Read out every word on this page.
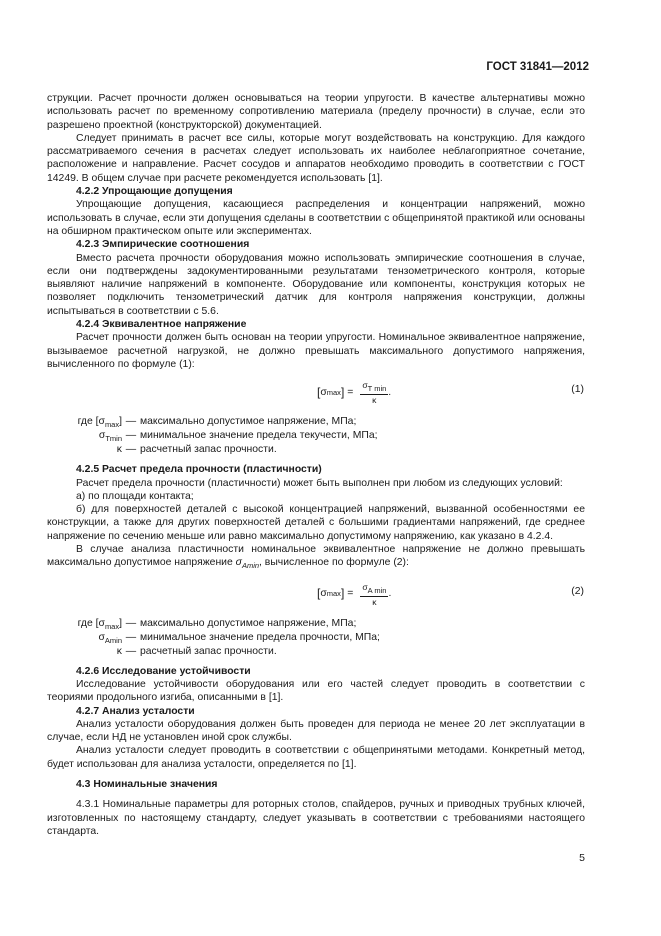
ГОСТ 31841—2012

струкции. Расчет прочности должен основываться на теории упругости. В качестве альтернативы можно использовать расчет по временному сопротивлению материала (пределу прочности) в случае, если это разрешено проектной (конструкторской) документацией.

Следует принимать в расчет все силы, которые могут воздействовать на конструкцию. Для каждого рассматриваемого сечения в расчетах следует использовать их наиболее неблагоприятное сочетание, расположение и направление. Расчет сосудов и аппаратов необходимо проводить в соответствии с ГОСТ 14249. В общем случае при расчете рекомендуется использовать [1].

4.2.2 Упрощающие допущения

Упрощающие допущения, касающиеся распределения и концентрации напряжений, можно использовать в случае, если эти допущения сделаны в соответствии с общепринятой практикой или основаны на обширном практическом опыте или экспериментах.

4.2.3 Эмпирические соотношения

Вместо расчета прочности оборудования можно использовать эмпирические соотношения в случае, если они подтверждены задокументированными результатами тензометрического контроля, которые выявляют наличие напряжений в компоненте. Оборудование или компоненты, конструкция которых не позволяет подключить тензометрический датчик для контроля напряжения конструкции, должны испытываться в соответствии с 5.6.

4.2.4 Эквивалентное напряжение

Расчет прочности должен быть основан на теории упругости. Номинальное эквивалентное напряжение, вызываемое расчетной нагрузкой, не должно превышать максимального допустимого напряжения, вычисленного по формуле (1):

[ σ max ] = $\frac{\text{σT min}}{\kappa}$ .	(1)
где $[\sigma_{max}]$ — максимально допустимое напряжение, МПа;
$\sigma_{Tmin}$ — минимальное значение предела текучести, МПа;
κ — расчетный запас прочности.

4.2.5 Расчет предела прочности (пластичности)

Расчет предела прочности (пластичности) может быть выполнен при любом из следующих условий:

а) по площади контакта;

б) для поверхностей деталей с высокой концентрацией напряжений, вызванной особенностями ее конструкции, а также для других поверхностей деталей с большими градиентами напряжений, где среднее напряжение по сечению меньше или равно максимально допустимому напряжению, как указано в 4.2.4.

В случае анализа пластичности номинальное эквивалентное напряжение не должно превышать максимально допустимое напряжение $\sigma_{Amin}$, вычисленное по формуле (2):

[ σ max ] = $\frac{\text{σA min}}{\kappa}$ .	(2)
где $[\sigma_{max}]$ — максимально допустимое напряжение, МПа;
$\sigma_{Amin}$ — минимальное значение предела прочности, МПа;
κ — расчетный запас прочности.

4.2.6 Исследование устойчивости

Исследование устойчивости оборудования или его частей следует проводить в соответствии с теориями продольного изгиба, описанными в [1].

4.2.7 Анализ усталости

Анализ усталости оборудования должен быть проведен для периода не менее 20 лет эксплуатации в случае, если НД не установлен иной срок службы.

Анализ усталости следует проводить в соответствии с общепринятыми методами. Конкретный метод, будет использован для анализа усталости, определяется по [1].

4.3 Номинальные значения

4.3.1 Номинальные параметры для роторных столов, спайдеров, ручных и приводных трубных ключей, изготовленных по настоящему стандарту, следует указывать в соответствии с требованиями настоящего стандарта.

5
